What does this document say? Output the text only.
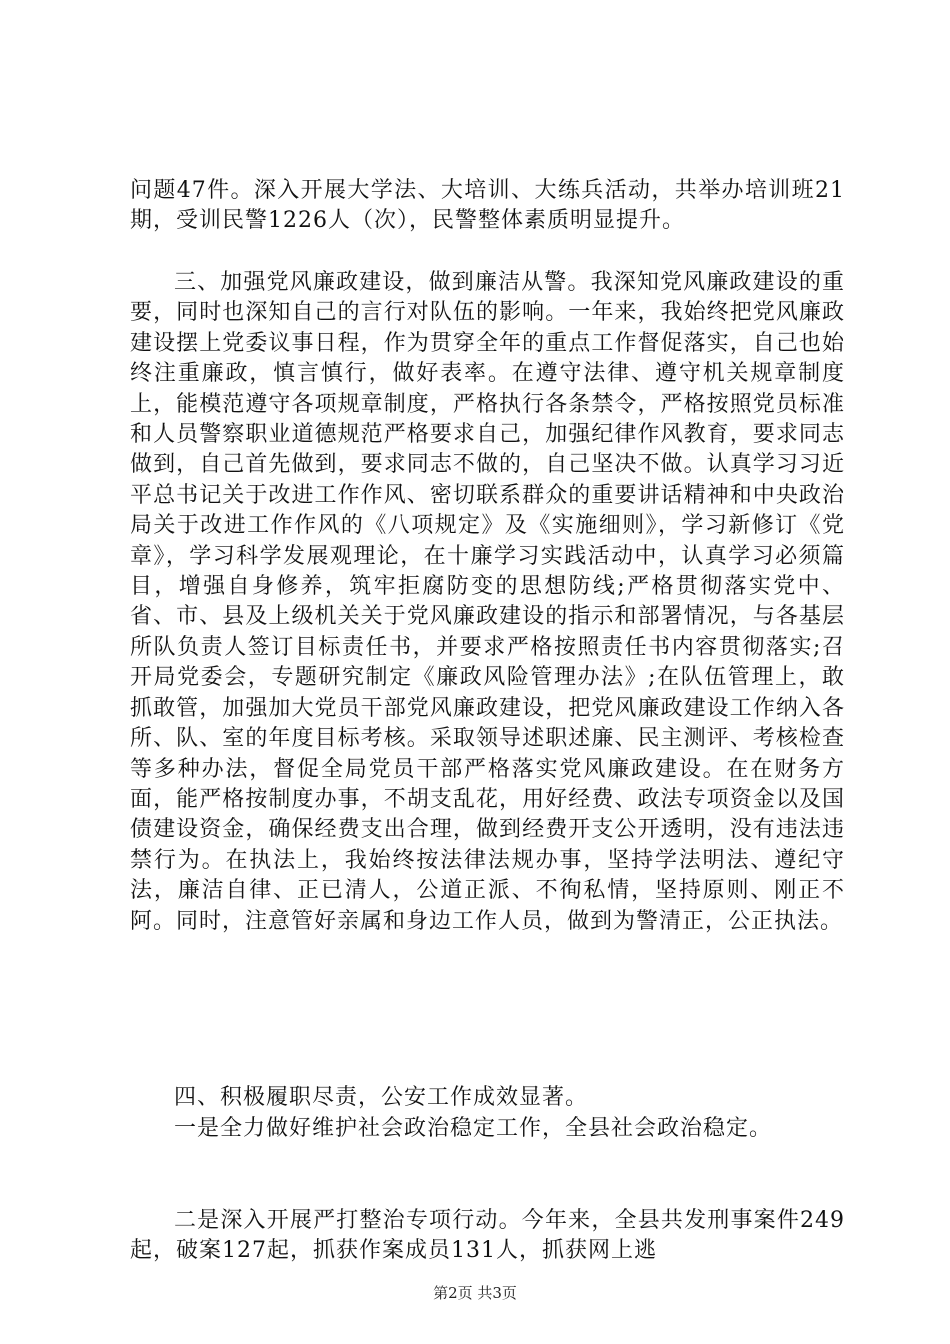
问题47件。深入开展大学法、大培训、大练兵活动，共举办培训班21期，受训民警1226人（次），民警整体素质明显提升。

三、加强党风廉政建设，做到廉洁从警。我深知党风廉政建设的重要，同时也深知自己的言行对队伍的影响。一年来，我始终把党风廉政建设摆上党委议事日程，作为贯穿全年的重点工作督促落实，自己也始终注重廉政，慎言慎行，做好表率。在遵守法律、遵守机关规章制度上，能模范遵守各项规章制度，严格执行各条禁令，严格按照党员标准和人员警察职业道德规范严格要求自己，加强纪律作风教育，要求同志做到，自己首先做到，要求同志不做的，自己坚决不做。认真学习习近平总书记关于改进工作作风、密切联系群众的重要讲话精神和中央政治局关于改进工作作风的《八项规定》及《实施细则》，学习新修订《党章》，学习科学发展观理论，在十廉学习实践活动中，认真学习必须篇目，增强自身修养，筑牢拒腐防变的思想防线;严格贯彻落实党中、省、市、县及上级机关关于党风廉政建设的指示和部署情况，与各基层所队负责人签订目标责任书，并要求严格按照责任书内容贯彻落实;召开局党委会，专题研究制定《廉政风险管理办法》;在队伍管理上，敢抓敢管，加强加大党员干部党风廉政建设，把党风廉政建设工作纳入各所、队、室的年度目标考核。采取领导述职述廉、民主测评、考核检查等多种办法，督促全局党员干部严格落实党风廉政建设。在在财务方面，能严格按制度办事，不胡支乱花，用好经费、政法专项资金以及国债建设资金，确保经费支出合理，做到经费开支公开透明，没有违法违禁行为。在执法上，我始终按法律法规办事，坚持学法明法、遵纪守法，廉洁自律、正已清人，公道正派、不徇私情，坚持原则、刚正不阿。同时，注意管好亲属和身边工作人员，做到为警清正，公正执法。

四、积极履职尽责，公安工作成效显著。

一是全力做好维护社会政治稳定工作，全县社会政治稳定。

二是深入开展严打整治专项行动。今年来，全县共发刑事案件249起，破案127起，抓获作案成员131人，抓获网上逃

第2页 共3页
